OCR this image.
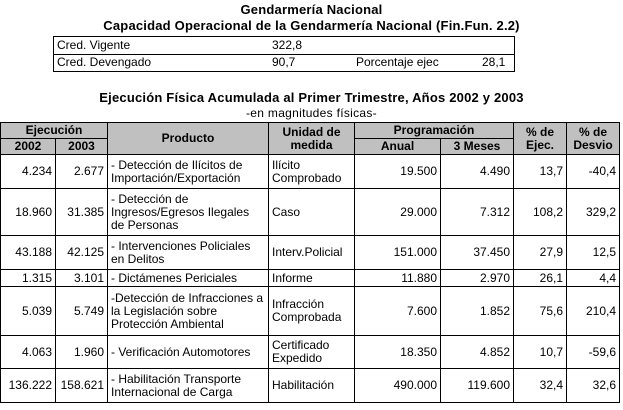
Gendarmería Nacional
Capacidad Operacional de la Gendarmería Nacional (Fin.Fun. 2.2)
Cred. Vigente	322,8
Cred. Devengado	90,7	Porcentaje ejec	28,1
Ejecución Física Acumulada al Primer Trimestre, Años 2002 y 2003
-en magnitudes físicas-
Ejecución		Producto	Unidad de medida	Programación		% de Ejec.	% de Desvio
2002	2003			Anual	3 Meses		
4.234	2.677	- Detección de Ilícitos de Importación/Exportación	Ilícito Comprobado	19.500	4.490	13,7	-40,4
18.960	31.385	- Detección de Ingresos/Egresos Ilegales de Personas	Caso	29.000	7.312	108,2	329,2
43.188	42.125	- Intervenciones Policiales en Delitos	Interv.Policial	151.000	37.450	27,9	12,5
1.315	3.101	- Dictámenes Periciales	Informe	11.880	2.970	26,1	4,4
5.039	5.749	-Detección de Infracciones a la Legislación sobre Protección Ambiental	Infracción Comprobada	7.600	1.852	75,6	210,4
4.063	1.960	- Verificación Automotores	Certificado Expedido	18.350	4.852	10,7	-59,6
136.222	158.621	- Habilitación Transporte Internacional de Carga	Habilitación	490.000	119.600	32,4	32,6
